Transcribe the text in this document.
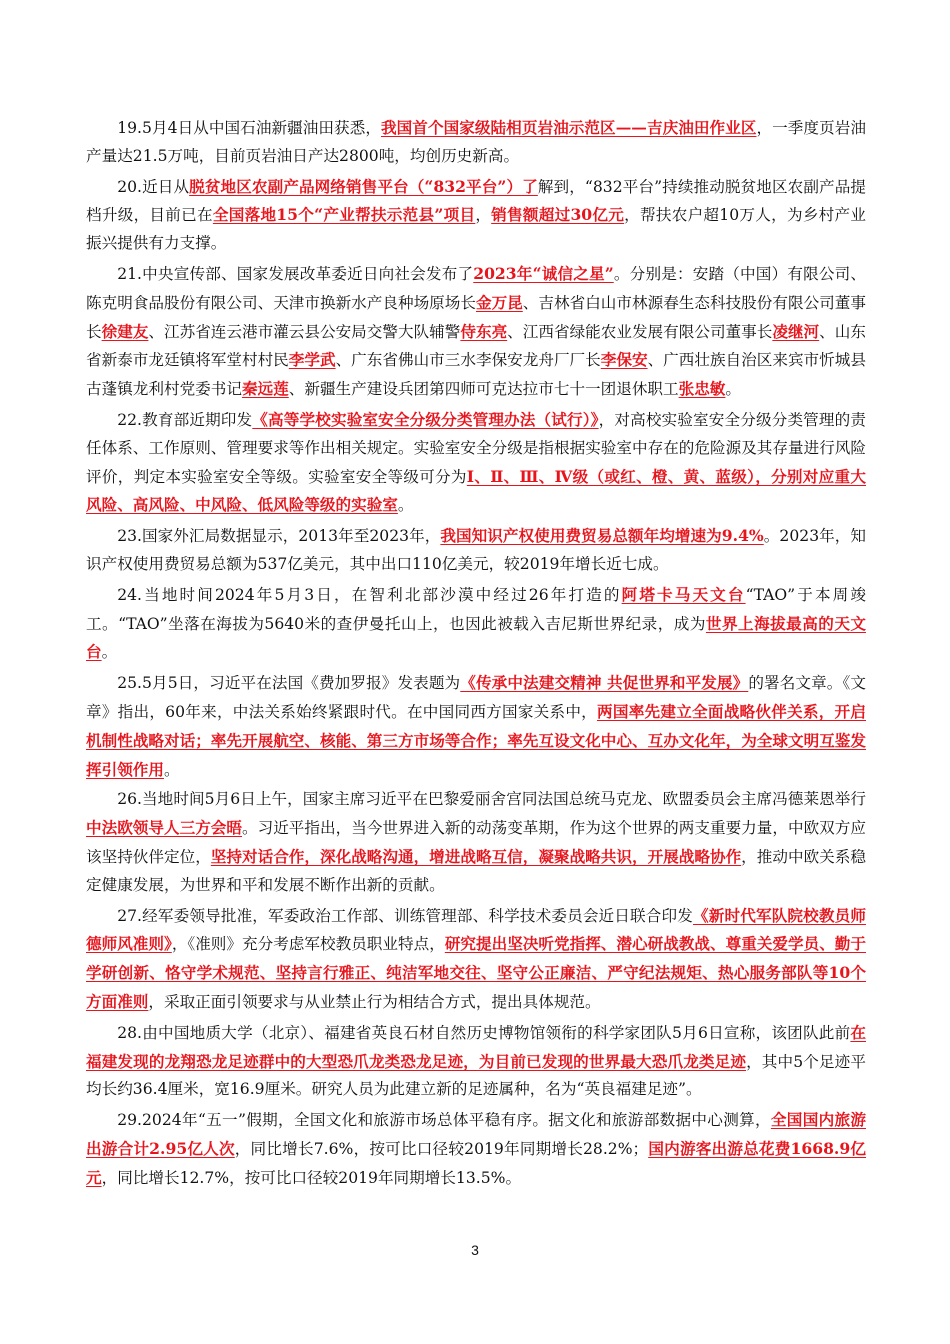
19.5月4日从中国石油新疆油田获悉，我国首个国家级陆相页岩油示范区——吉庆油田作业区，一季度页岩油产量达21.5万吨，目前页岩油日产达2800吨，均创历史新高。

20.近日从脱贫地区农副产品网络销售平台（“832平台”）了解到，“832平台”持续推动脱贫地区农副产品提档升级，目前已在全国落地15个“产业帮扶示范县”项目，销售额超过30亿元，帮扶农户超10万人，为乡村产业振兴提供有力支撑。

21.中央宣传部、国家发展改革委近日向社会发布了2023年“诚信之星”。分别是：安踏（中国）有限公司、陈克明食品股份有限公司、天津市换新水产良种场原场长金万昆、吉林省白山市林源春生态科技股份有限公司董事长徐建友、江苏省连云港市灌云县公安局交警大队辅警侍东亮、江西省绿能农业发展有限公司董事长凌继河、山东省新泰市龙廷镇将军堂村村民李学武、广东省佛山市三水李保安龙舟厂厂长李保安、广西壮族自治区来宾市忻城县古蓬镇龙利村党委书记秦远莲、新疆生产建设兵团第四师可克达拉市七十一团退休职工张忠敏。

22.教育部近期印发《高等学校实验室安全分级分类管理办法（试行）》，对高校实验室安全分级分类管理的责任体系、工作原则、管理要求等作出相关规定。实验室安全分级是指根据实验室中存在的危险源及其存量进行风险评价，判定本实验室安全等级。实验室安全等级可分为Ⅰ、Ⅱ、Ⅲ、Ⅳ级（或红、橙、黄、蓝级），分别对应重大风险、高风险、中风险、低风险等级的实验室。

23.国家外汇局数据显示，2013年至2023年，我国知识产权使用费贸易总额年均增速为9.4%。2023年，知识产权使用费贸易总额为537亿美元，其中出口110亿美元，较2019年增长近七成。

24.当地时间2024年5月3日，在智利北部沙漠中经过26年打造的阿塔卡马天文台“TAO”于本周竣工。“TAO”坐落在海拔为5640米的查伊曼托山上，也因此被载入吉尼斯世界纪录，成为世界上海拔最高的天文台。

25.5月5日，习近平在法国《费加罗报》发表题为《传承中法建交精神 共促世界和平发展》的署名文章。《文章》指出，60年来，中法关系始终紧跟时代。在中国同西方国家关系中，两国率先建立全面战略伙伴关系，开启机制性战略对话；率先开展航空、核能、第三方市场等合作；率先互设文化中心、互办文化年，为全球文明互鉴发挥引领作用。

26.当地时间5月6日上午，国家主席习近平在巴黎爱丽舍宫同法国总统马克龙、欧盟委员会主席冯德莱恩举行中法欧领导人三方会晤。习近平指出，当今世界进入新的动荡变革期，作为这个世界的两支重要力量，中欧双方应该坚持伙伴定位，坚持对话合作，深化战略沟通，增进战略互信，凝聚战略共识，开展战略协作，推动中欧关系稳定健康发展，为世界和平和发展不断作出新的贡献。

27.经军委领导批准，军委政治工作部、训练管理部、科学技术委员会近日联合印发《新时代军队院校教员师德师风准则》，《准则》充分考虑军校教员职业特点，研究提出坚决听党指挥、潜心研战教战、尊重关爱学员、勤于学研创新、恪守学术规范、坚持言行雅正、纯洁军地交往、坚守公正廉洁、严守纪法规矩、热心服务部队等10个方面准则，采取正面引领要求与从业禁止行为相结合方式，提出具体规范。

28.由中国地质大学（北京）、福建省英良石材自然历史博物馆领衔的科学家团队5月6日宣称，该团队此前在福建发现的龙翔恐龙足迹群中的大型恐爪龙类恐龙足迹，为目前已发现的世界最大恐爪龙类足迹，其中5个足迹平均长约36.4厘米，宽16.9厘米。研究人员为此建立新的足迹属种，名为“英良福建足迹”。

29.2024年“五一”假期，全国文化和旅游市场总体平稳有序。据文化和旅游部数据中心测算，全国国内旅游出游合计2.95亿人次，同比增长7.6%，按可比口径较2019年同期增长28.2%；国内游客出游总花费1668.9亿元，同比增长12.7%，按可比口径较2019年同期增长13.5%。

3
